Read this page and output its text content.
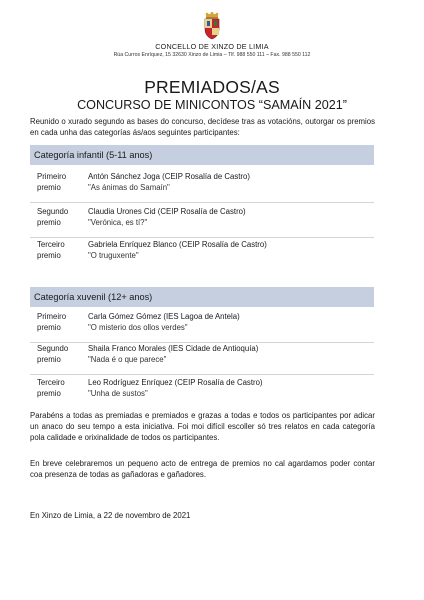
CONCELLO DE XINZO DE LIMIA
Rúa Curros Enríquez, 15 32630 Xinzo de Limia – Tlf. 988 550 111 – Fax. 988 550 112
PREMIADOS/AS
CONCURSO DE MINICONTOS “SAMAÍN 2021”
Reunido o xurado segundo as bases do concurso, decídese tras as votacións, outorgar os premios en cada unha das categorías ás/aos seguintes participantes:
Categoría infantil (5-11 anos)
Primeiro
premio
Antón Sánchez Joga (CEIP Rosalía de Castro)
"As ánimas do Samaín"
Segundo
premio
Claudia Urones Cid (CEIP Rosalía de Castro)
"Verónica, es tí?"
Terceiro
premio
Gabriela Enríquez Blanco (CEIP Rosalía de Castro)
"O truguxente"
Categoría xuvenil (12+ anos)
Primeiro
premio
Carla Gómez Gómez (IES Lagoa de Antela)
"O misterio dos ollos verdes"
Segundo
premio
Shaila Franco Morales (IES Cidade de Antioquía)
"Nada é o que parece"
Terceiro
premio
Leo Rodríguez Enríquez (CEIP Rosalía de Castro)
"Unha de sustos"
Parabéns a todas as premiadas e premiados e grazas a todas e todos os participantes por adicar un anaco do seu tempo a esta iniciativa. Foi moi difícil escoller só tres relatos en cada categoría pola calidade e orixinalidade de todos os participantes.
En breve celebraremos un pequeno acto de entrega de premios no cal agardamos poder contar coa presenza de todas as gañadoras e gañadores.
En Xinzo de Limia, a 22 de novembro de 2021
